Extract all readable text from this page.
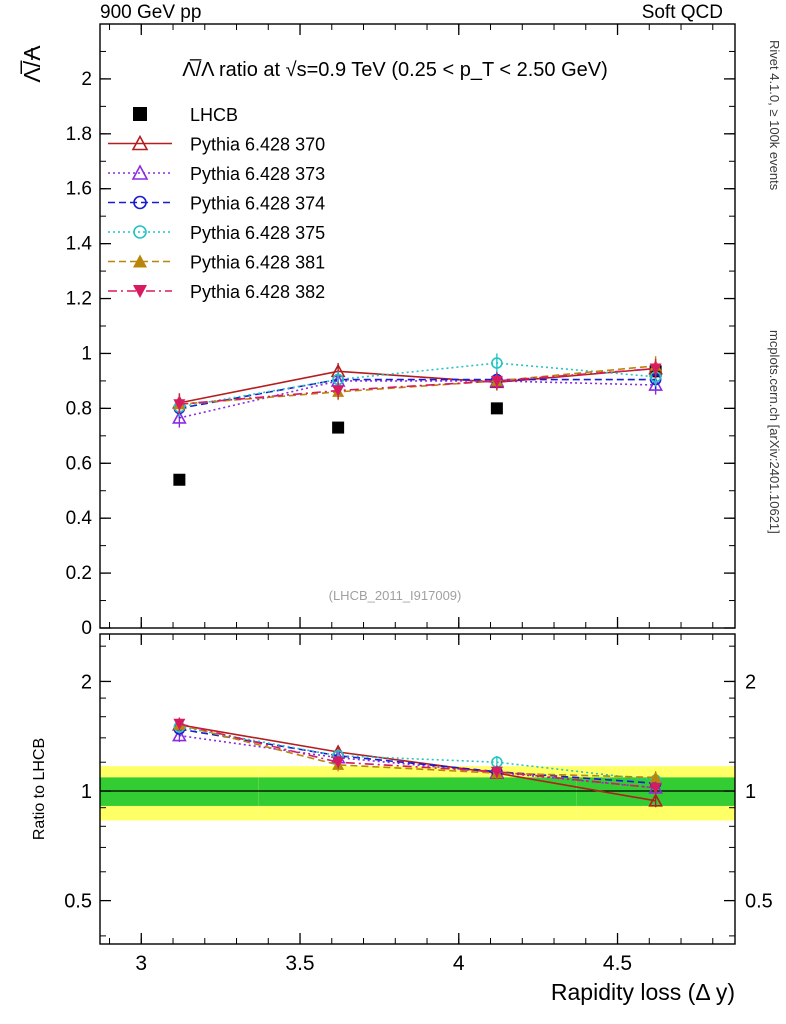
900 GeV pp	Soft QCD
Rivet 4.1.0, ≥ 100k events
mcplots.cern.ch [arXiv:2401.10621]
0
0.2
0.4
0.6
0.8
1
1.2
1.4
1.6
1.8
2
0.5	0.5
1	1
2	2
3	3.5	4	4.5
Λ̅/Λ
Ratio to LHCB
Rapidity loss (Δ y)
Λ̅/Λ ratio at √s=0.9 TeV (0.25 < p_T < 2.50 GeV)
(LHCB_2011_I917009)
LHCB
Pythia 6.428 370
Pythia 6.428 373
Pythia 6.428 374
Pythia 6.428 375
Pythia 6.428 381
Pythia 6.428 382
